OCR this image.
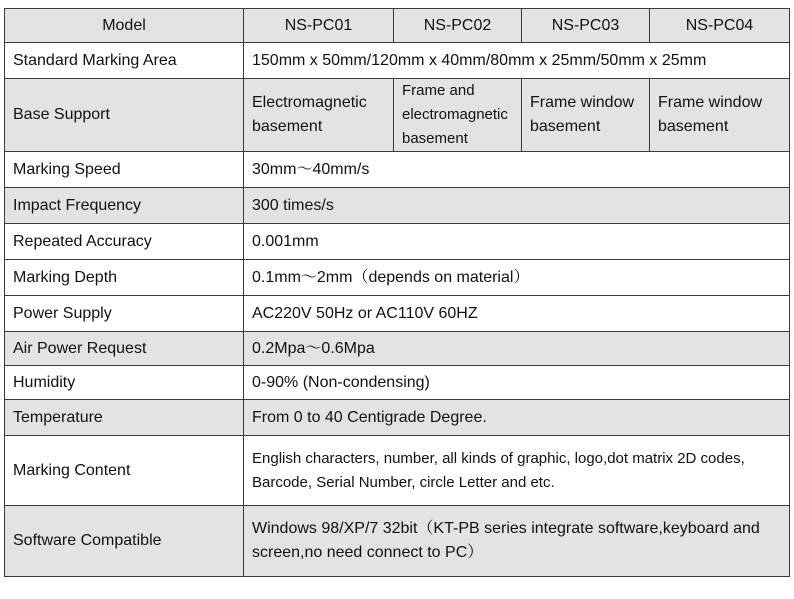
Model	NS-PC01	NS-PC02	NS-PC03	NS-PC04
Standard Marking Area	150mm x 50mm/120mm x 40mm/80mm x 25mm/50mm x 25mm			
Base Support	Electromagnetic basement	Frame and electromagnetic basement	Frame window basement	Frame window basement
Marking Speed	30mm～40mm/s			
Impact Frequency	300 times/s			
Repeated Accuracy	0.001mm			
Marking Depth	0.1mm～2mm（depends on material）			
Power Supply	AC220V 50Hz or AC110V 60HZ			
Air Power Request	0.2Mpa～0.6Mpa			
Humidity	0-90% (Non-condensing)			
Temperature	From 0 to 40 Centigrade Degree.			
Marking Content	English characters, number, all kinds of graphic, logo,dot matrix 2D codes, Barcode, Serial Number, circle Letter and etc.			
Software Compatible	Windows 98/XP/7 32bit（KT-PB series integrate software,keyboard and screen,no need connect to PC）			
